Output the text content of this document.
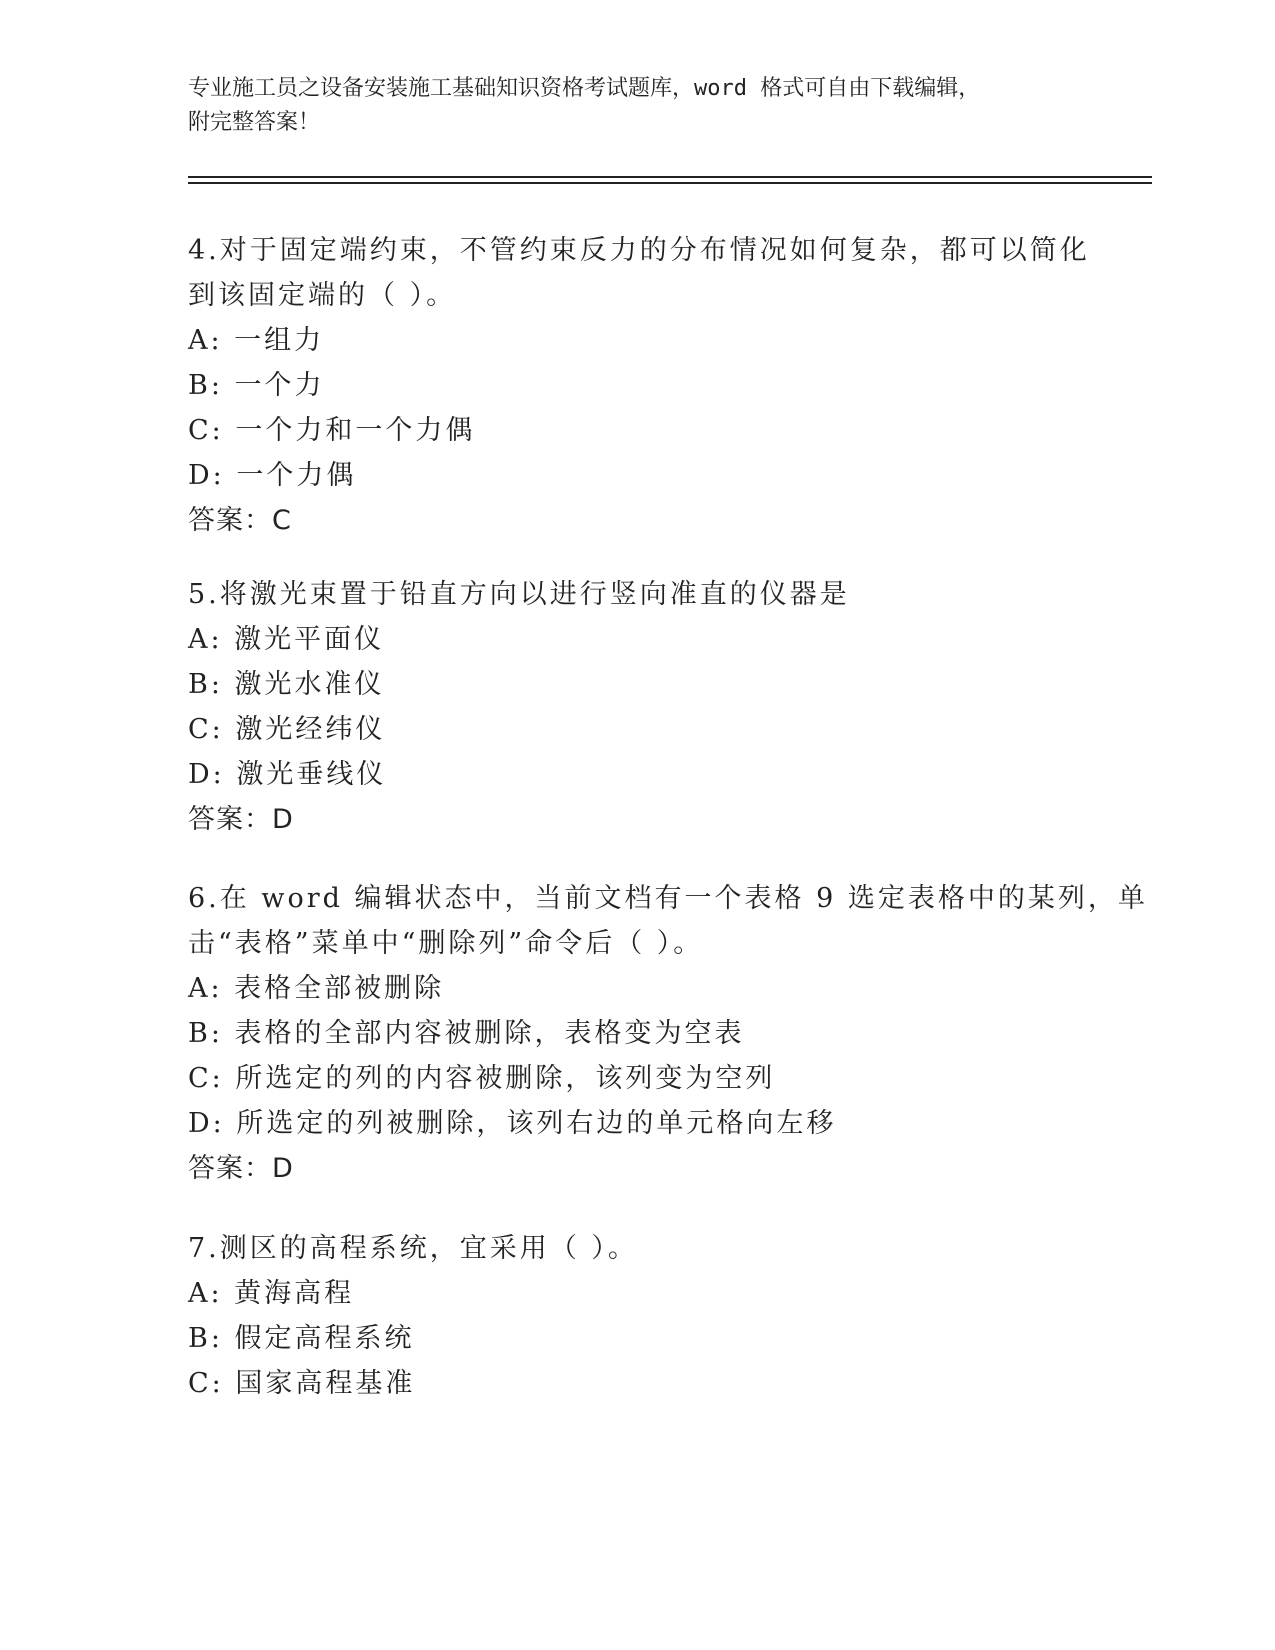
专业施工员之设备安装施工基础知识资格考试题库，word 格式可自由下载编辑，
附完整答案！
4.对于固定端约束，不管约束反力的分布情况如何复杂，都可以简化
到该固定端的（ ）。
A: 一组力
B: 一个力
C: 一个力和一个力偶
D: 一个力偶
答案：C
5.将激光束置于铅直方向以进行竖向准直的仪器是
A: 激光平面仪
B: 激光水准仪
C: 激光经纬仪
D: 激光垂线仪
答案：D
6.在 word 编辑状态中，当前文档有一个表格 9 选定表格中的某列，单
击“表格”菜单中“删除列”命令后（ ）。
A: 表格全部被删除
B: 表格的全部内容被删除，表格变为空表
C: 所选定的列的内容被删除，该列变为空列
D: 所选定的列被删除，该列右边的单元格向左移
答案：D
7.测区的高程系统，宜采用（ ）。
A: 黄海高程
B: 假定高程系统
C: 国家高程基准
